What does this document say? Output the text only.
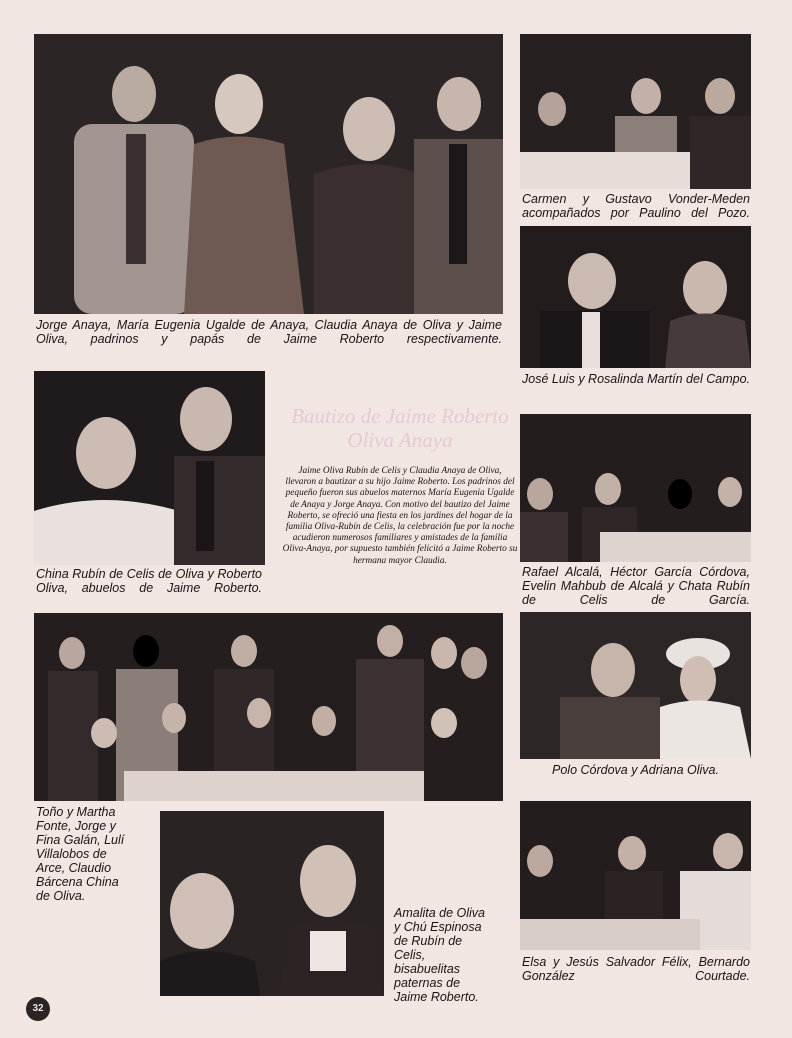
Jorge Anaya, María Eugenia Ugalde de Anaya, Claudia Anaya de Oliva y Jaime Oliva, padrinos y papás de Jaime Roberto respectivamente.

Carmen y Gustavo Vonder-Meden acompañados por Paulino del Pozo.

José Luis y Rosalinda Martín del Campo.

China Rubín de Celis de Oliva y Roberto Oliva, abuelos de Jaime Roberto.

Bautizo de Jaime Roberto Oliva Anaya

Jaime Oliva Rubín de Celis y Claudia Anaya de Oliva, llevaron a bautizar a su hijo Jaime Roberto. Los padrinos del pequeño fueron sus abuelos maternos María Eugenia Ugalde de Anaya y Jorge Anaya. Con motivo del bautizo del Jaime Roberto, se ofreció una fiesta en los jardines del hogar de la familia Oliva-Rubín de Celis, la celebración fue por la noche acudieron numerosos familiares y amistades de la familia Oliva-Anaya, por supuesto también felicitó a Jaime Roberto su hermana mayor Claudia.

Rafael Alcalá, Héctor García Córdova, Evelin Mahbub de Alcalá y Chata Rubín de Celis de García.

Polo Córdova y Adriana Oliva.

Toño y Martha Fonte, Jorge y Fina Galán, Lulí Villalobos de Arce, Claudio Bárcena China de Oliva.

Amalita de Oliva y Chú Espinosa de Rubín de Celis, bisabuelitas paternas de Jaime Roberto.

Elsa y Jesús Salvador Félix, Bernardo González Courtade.

32
